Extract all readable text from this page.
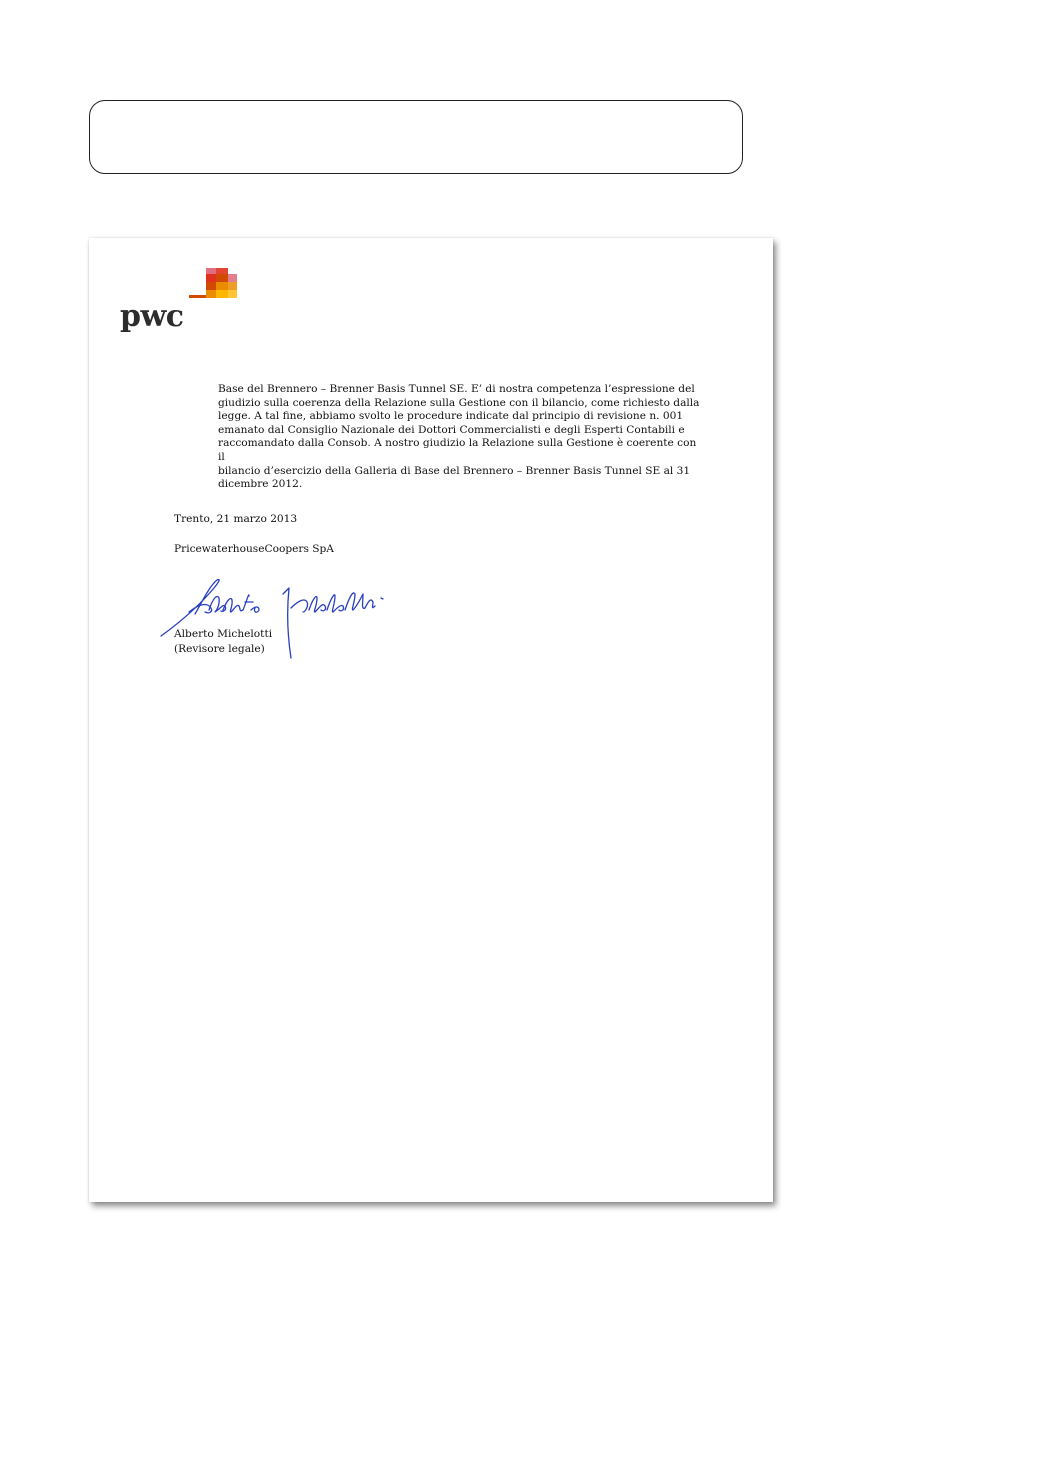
pwc

Base del Brennero – Brenner Basis Tunnel SE. E’ di nostra competenza l’espressione del
giudizio sulla coerenza della Relazione sulla Gestione con il bilancio, come richiesto dalla
legge. A tal fine, abbiamo svolto le procedure indicate dal principio di revisione n. 001
emanato dal Consiglio Nazionale dei Dottori Commercialisti e degli Esperti Contabili e
raccomandato dalla Consob. A nostro giudizio la Relazione sulla Gestione è coerente con il
bilancio d’esercizio della Galleria di Base del Brennero – Brenner Basis Tunnel SE al 31
dicembre 2012.

Trento, 21 marzo 2013
PricewaterhouseCoopers SpA
Alberto Michelotti
(Revisore legale)
